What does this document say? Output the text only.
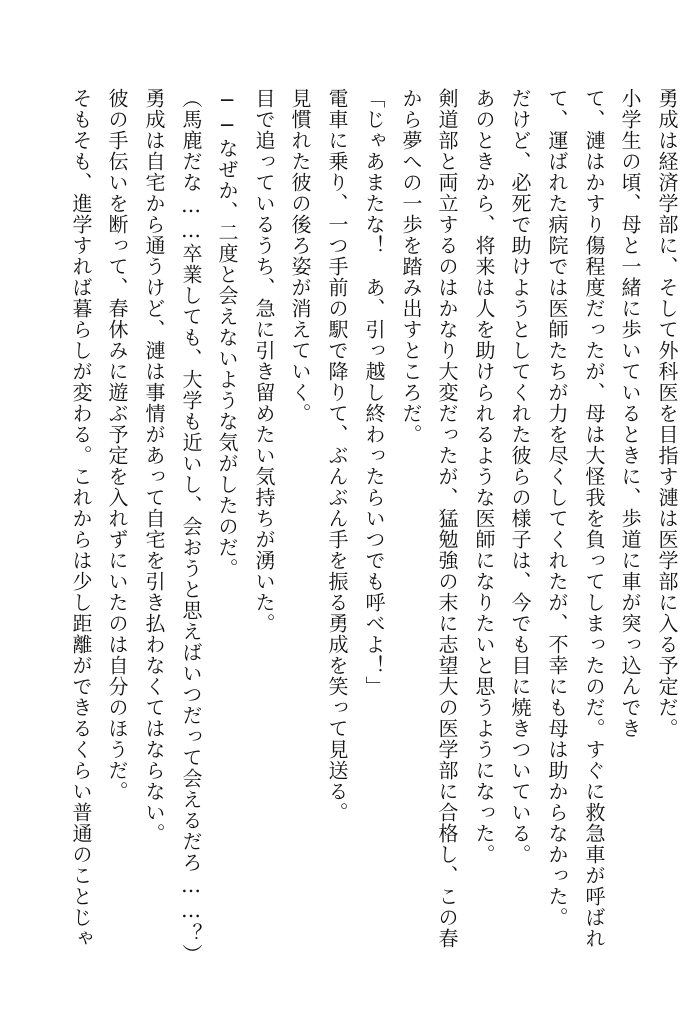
勇成は経済学部に、そして外科医を目指す漣は医学部に入る予定だ。
小学生の頃、母と一緒に歩いているときに、歩道に車が突っ込んでき
て、漣はかすり傷程度だったが、母は大怪我を負ってしまったのだ。すぐに救急車が呼ばれ
て、運ばれた病院では医師たちが力を尽くしてくれたが、不幸にも母は助からなかった。
だけど、必死で助けようとしてくれた彼らの様子は、今でも目に焼きついている。
あのときから、将来は人を助けられるような医師になりたいと思うようになった。
剣道部と両立するのはかなり大変だったが、猛勉強の末に志望大の医学部に合格し、この春
から夢への一歩を踏み出すところだ。
「じゃあまたな！　あ、引っ越し終わったらいつでも呼べよ！」
電車に乗り、一つ手前の駅で降りて、ぶんぶん手を振る勇成を笑って見送る。
見慣れた彼の後ろ姿が消えていく。
目で追っているうち、急に引き留めたい気持ちが湧いた。
──なぜか、二度と会えないような気がしたのだ。
（馬鹿だな……卒業しても、大学も近いし、会おうと思えばいつだって会えるだろ……？）
勇成は自宅から通うけど、漣は事情があって自宅を引き払わなくてはならない。
彼の手伝いを断って、春休みに遊ぶ予定を入れずにいたのは自分のほうだ。
そもそも、進学すれば暮らしが変わる。これからは少し距離ができるくらい普通のことじゃ
